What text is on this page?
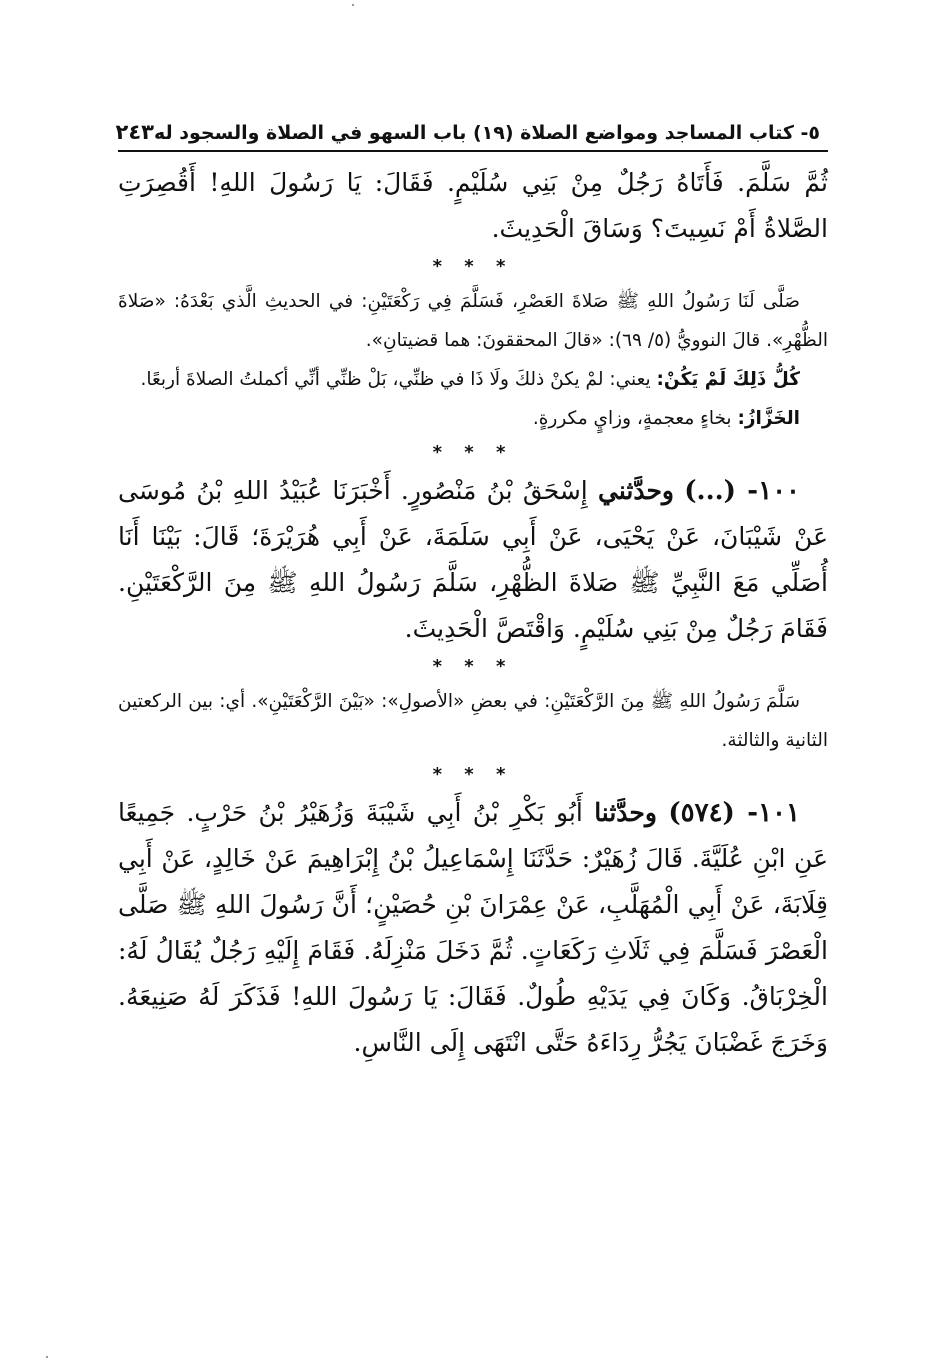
٥- كتاب المساجد ومواضع الصلاة (١٩) باب السهو في الصلاة والسجود له
٢٤٣

ثُمَّ سَلَّمَ. فَأَتَاهُ رَجُلٌ مِنْ بَنِي سُلَيْمٍ. فَقَالَ: يَا رَسُولَ اللهِ! أَقُصِرَتِ الصَّلاةُ أَمْ نَسِيتَ؟ وَسَاقَ الْحَدِيثَ.

* * *

صَلَّى لَنَا رَسُولُ اللهِ ﷺ صَلاةَ العَصْرِ، فَسَلَّمَ فِي رَكْعَتَيْنِ: في الحديثِ الَّذي بَعْدَهُ: «صَلاةَ الظُّهْرِ». قالَ النوويُّ (٥/ ٦٩): «قالَ المحققونَ: هما قضيتانِ».

كُلُّ ذَلِكَ لَمْ يَكُنْ: يعني: لمْ يكنْ ذلكَ ولَا ذَا في ظنِّي، بَلْ ظنِّي أنِّي أكملتُ الصلاةَ أربعًا.

الخَزَّازُ: بخاءٍ معجمةٍ، وزايٍ مكررةٍ.

* * *

١٠٠- (...) وحدَّثني إِسْحَقُ بْنُ مَنْصُورٍ. أَخْبَرَنَا عُبَيْدُ اللهِ بْنُ مُوسَى عَنْ شَيْبَانَ، عَنْ يَحْيَى، عَنْ أَبِي سَلَمَةَ، عَنْ أَبِي هُرَيْرَةَ؛ قَالَ: بَيْنَا أَنَا أُصَلِّي مَعَ النَّبِيِّ ﷺ صَلاةَ الظُّهْرِ، سَلَّمَ رَسُولُ اللهِ ﷺ مِنَ الرَّكْعَتَيْنِ. فَقَامَ رَجُلٌ مِنْ بَنِي سُلَيْمٍ. وَاقْتَصَّ الْحَدِيثَ.

* * *

سَلَّمَ رَسُولُ اللهِ ﷺ مِنَ الرَّكْعَتَيْنِ: في بعضِ «الأصولِ»: «بَيْنَ الرَّكْعَتَيْنِ». أي: بين الركعتين الثانية والثالثة.

* * *

١٠١- (٥٧٤) وحدَّثنا أَبُو بَكْرِ بْنُ أَبِي شَيْبَةَ وَزُهَيْرُ بْنُ حَرْبٍ. جَمِيعًا عَنِ ابْنِ عُلَيَّةَ. قَالَ زُهَيْرٌ: حَدَّثَنَا إِسْمَاعِيلُ بْنُ إِبْرَاهِيمَ عَنْ خَالِدٍ، عَنْ أَبِي قِلَابَةَ، عَنْ أَبِي الْمُهَلَّبِ، عَنْ عِمْرَانَ بْنِ حُصَيْنٍ؛ أَنَّ رَسُولَ اللهِ ﷺ صَلَّى الْعَصْرَ فَسَلَّمَ فِي ثَلَاثِ رَكَعَاتٍ. ثُمَّ دَخَلَ مَنْزِلَهُ. فَقَامَ إِلَيْهِ رَجُلٌ يُقَالُ لَهُ: الْخِرْبَاقُ. وَكَانَ فِي يَدَيْهِ طُولٌ. فَقَالَ: يَا رَسُولَ اللهِ! فَذَكَرَ لَهُ صَنِيعَهُ. وَخَرَجَ غَضْبَانَ يَجُرُّ رِدَاءَهُ حَتَّى انْتَهَى إِلَى النَّاسِ.
